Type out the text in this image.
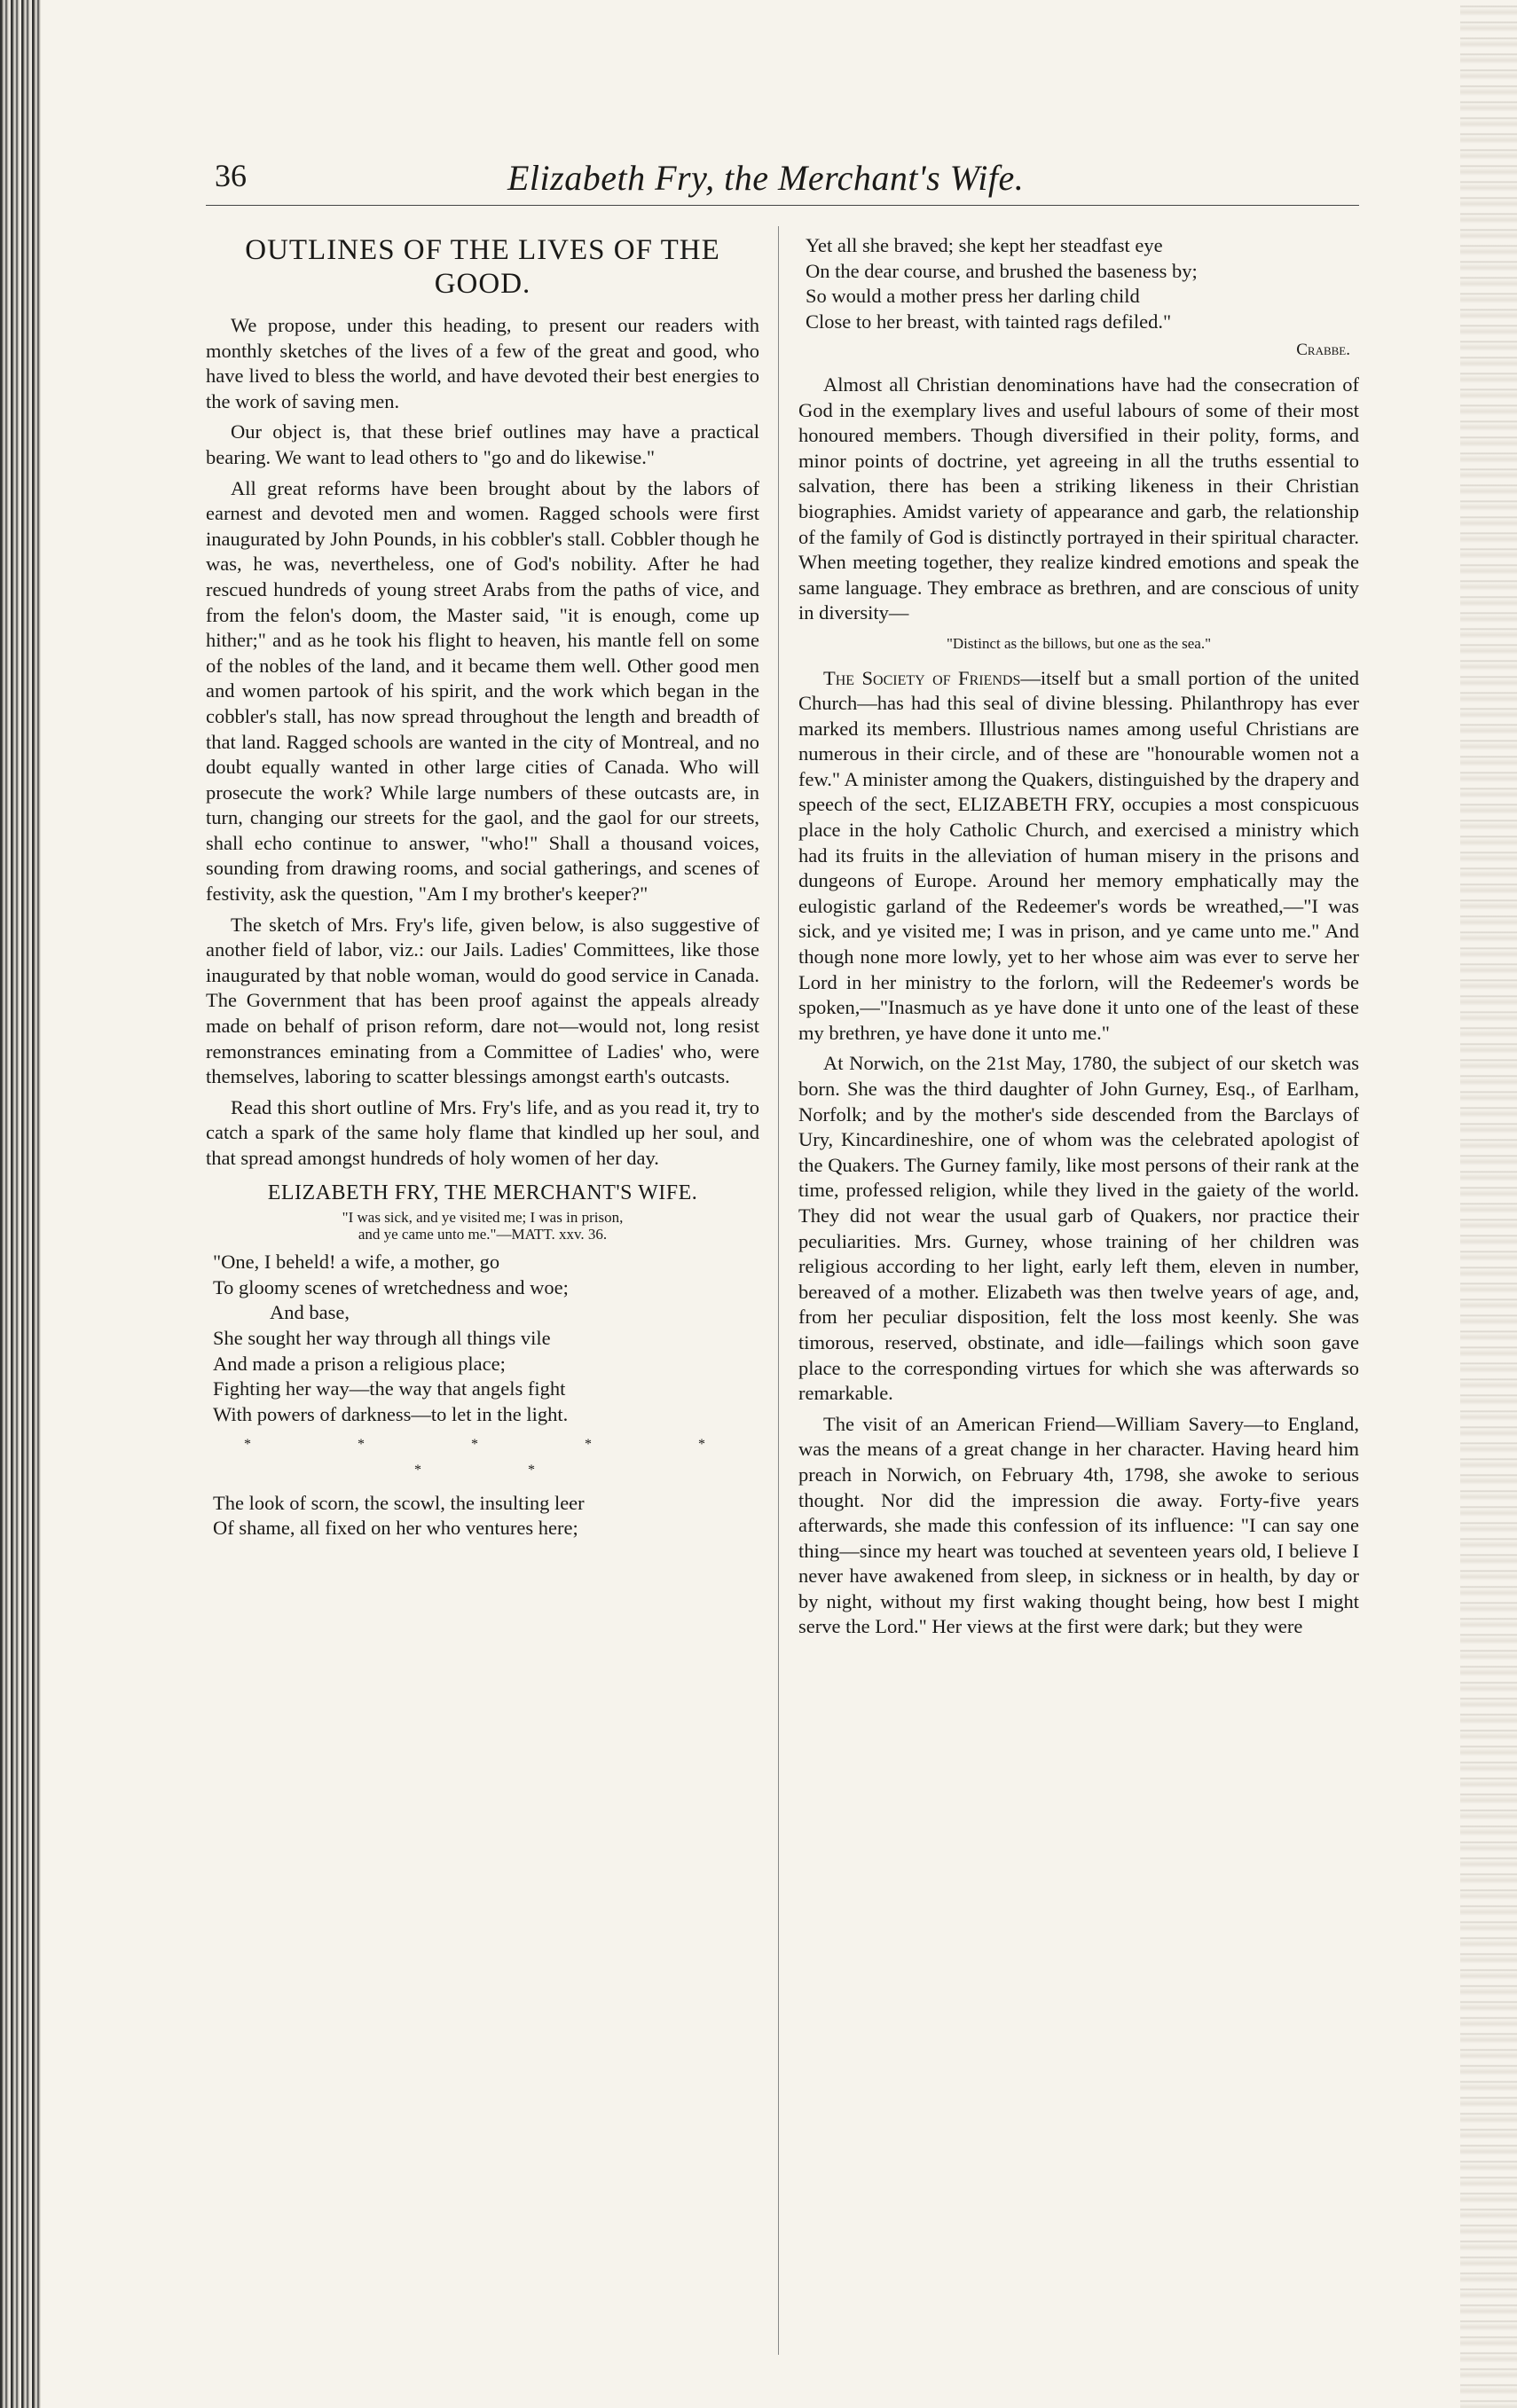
36	Elizabeth Fry, the Merchant's Wife.
OUTLINES OF THE LIVES OF THE
GOOD.

We propose, under this heading, to present our readers with monthly sketches of the lives of a few of the great and good, who have lived to bless the world, and have devoted their best energies to the work of saving men.

Our object is, that these brief outlines may have a practical bearing. We want to lead others to "go and do likewise."

All great reforms have been brought about by the labors of earnest and devoted men and women. Ragged schools were first inaugurated by John Pounds, in his cobbler's stall. Cobbler though he was, he was, nevertheless, one of God's nobility. After he had rescued hundreds of young street Arabs from the paths of vice, and from the felon's doom, the Master said, "it is enough, come up hither;" and as he took his flight to heaven, his mantle fell on some of the nobles of the land, and it became them well. Other good men and women partook of his spirit, and the work which began in the cobbler's stall, has now spread throughout the length and breadth of that land. Ragged schools are wanted in the city of Montreal, and no doubt equally wanted in other large cities of Canada. Who will prosecute the work? While large numbers of these outcasts are, in turn, changing our streets for the gaol, and the gaol for our streets, shall echo continue to answer, "who!" Shall a thousand voices, sounding from drawing rooms, and social gatherings, and scenes of festivity, ask the question, "Am I my brother's keeper?"

The sketch of Mrs. Fry's life, given below, is also suggestive of another field of labor, viz.: our Jails. Ladies' Committees, like those inaugurated by that noble woman, would do good service in Canada. The Government that has been proof against the appeals already made on behalf of prison reform, dare not—would not, long resist remonstrances eminating from a Committee of Ladies' who, were themselves, laboring to scatter blessings amongst earth's outcasts.

Read this short outline of Mrs. Fry's life, and as you read it, try to catch a spark of the same holy flame that kindled up her soul, and that spread amongst hundreds of holy women of her day.

ELIZABETH FRY, THE MERCHANT'S WIFE.
"I was sick, and ye visited me; I was in prison,
and ye came unto me."—MATT. xxv. 36.
"One, I beheld! a wife, a mother, go
To gloomy scenes of wretchedness and woe;
And base,
She sought her way through all things vile
And made a prison a religious place;
Fighting her way—the way that angels fight
With powers of darkness—to let in the light.
* * * * * * *
The look of scorn, the scowl, the insulting leer
Of shame, all fixed on her who ventures here;
Yet all she braved; she kept her steadfast eye
On the dear course, and brushed the baseness by;
So would a mother press her darling child
Close to her breast, with tainted rags defiled."
Crabbe.

Almost all Christian denominations have had the consecration of God in the exemplary lives and useful labours of some of their most honoured members. Though diversified in their polity, forms, and minor points of doctrine, yet agreeing in all the truths essential to salvation, there has been a striking likeness in their Christian biographies. Amidst variety of appearance and garb, the relationship of the family of God is distinctly portrayed in their spiritual character. When meeting together, they realize kindred emotions and speak the same language. They embrace as brethren, and are conscious of unity in diversity—

"Distinct as the billows, but one as the sea."

The Society of Friends—itself but a small portion of the united Church—has had this seal of divine blessing. Philanthropy has ever marked its members. Illustrious names among useful Christians are numerous in their circle, and of these are "honourable women not a few." A minister among the Quakers, distinguished by the drapery and speech of the sect, ELIZABETH FRY, occupies a most conspicuous place in the holy Catholic Church, and exercised a ministry which had its fruits in the alleviation of human misery in the prisons and dungeons of Europe. Around her memory emphatically may the eulogistic garland of the Redeemer's words be wreathed,—"I was sick, and ye visited me; I was in prison, and ye came unto me." And though none more lowly, yet to her whose aim was ever to serve her Lord in her ministry to the forlorn, will the Redeemer's words be spoken,—"Inasmuch as ye have done it unto one of the least of these my brethren, ye have done it unto me."

At Norwich, on the 21st May, 1780, the subject of our sketch was born. She was the third daughter of John Gurney, Esq., of Earlham, Norfolk; and by the mother's side descended from the Barclays of Ury, Kincardineshire, one of whom was the celebrated apologist of the Quakers. The Gurney family, like most persons of their rank at the time, professed religion, while they lived in the gaiety of the world. They did not wear the usual garb of Quakers, nor practice their peculiarities. Mrs. Gurney, whose training of her children was religious according to her light, early left them, eleven in number, bereaved of a mother. Elizabeth was then twelve years of age, and, from her peculiar disposition, felt the loss most keenly. She was timorous, reserved, obstinate, and idle—failings which soon gave place to the corresponding virtues for which she was afterwards so remarkable.

The visit of an American Friend—William Savery—to England, was the means of a great change in her character. Having heard him preach in Norwich, on February 4th, 1798, she awoke to serious thought. Nor did the impression die away. Forty-five years afterwards, she made this confession of its influence: "I can say one thing—since my heart was touched at seventeen years old, I believe I never have awakened from sleep, in sickness or in health, by day or by night, without my first waking thought being, how best I might serve the Lord." Her views at the first were dark; but they were
